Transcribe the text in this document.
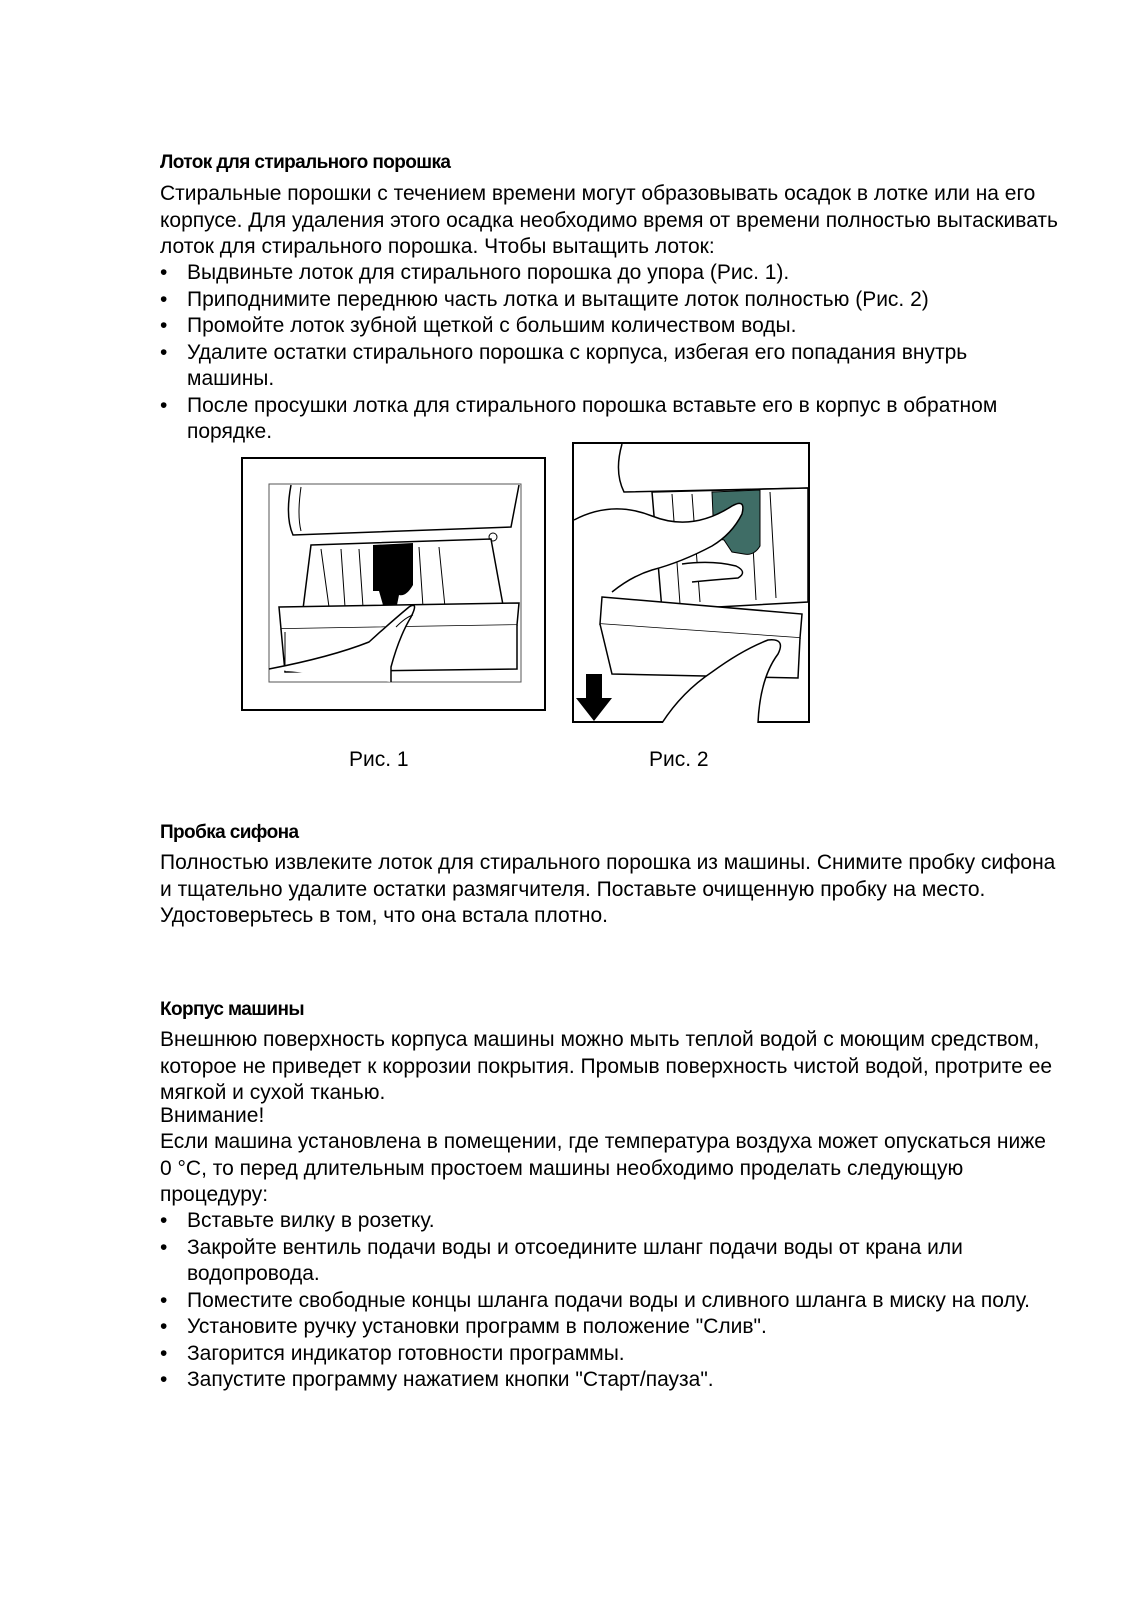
Лоток для стирального порошка

Стиральные порошки с течением времени могут образовывать осадок в лотке или на его корпусе. Для удаления этого осадка необходимо время от времени полностью вытаскивать лоток для стирального порошка. Чтобы вытащить лоток:

• Выдвиньте лоток для стирального порошка до упора (Рис. 1).
• Приподнимите переднюю часть лотка и вытащите лоток полностью (Рис. 2)
• Промойте лоток зубной щеткой с большим количеством воды.
• Удалите остатки стирального порошка с корпуса, избегая его попадания внутрь машины.
• После просушки лотка для стирального порошка вставьте его в корпус в обратном порядке.
Рис. 1	Рис. 2
Пробка сифона

Полностью извлеките лоток для стирального порошка из машины. Снимите пробку сифона и тщательно удалите остатки размягчителя. Поставьте очищенную пробку на место. Удостоверьтесь в том, что она встала плотно.

Корпус машины

Внешнюю поверхность корпуса машины можно мыть теплой водой с моющим средством, которое не приведет к коррозии покрытия. Промыв поверхность чистой водой, протрите ее мягкой и сухой тканью.

Внимание!

Если машина установлена в помещении, где температура воздуха может опускаться ниже 0 °С, то перед длительным простоем машины необходимо проделать следующую процедуру:

• Вставьте вилку в розетку.
• Закройте вентиль подачи воды и отсоедините шланг подачи воды от крана или водопровода.
• Поместите свободные концы шланга подачи воды и сливного шланга в миску на полу.
• Установите ручку установки программ в положение "Слив".
• Загорится индикатор готовности программы.
• Запустите программу нажатием кнопки "Старт/пауза".
